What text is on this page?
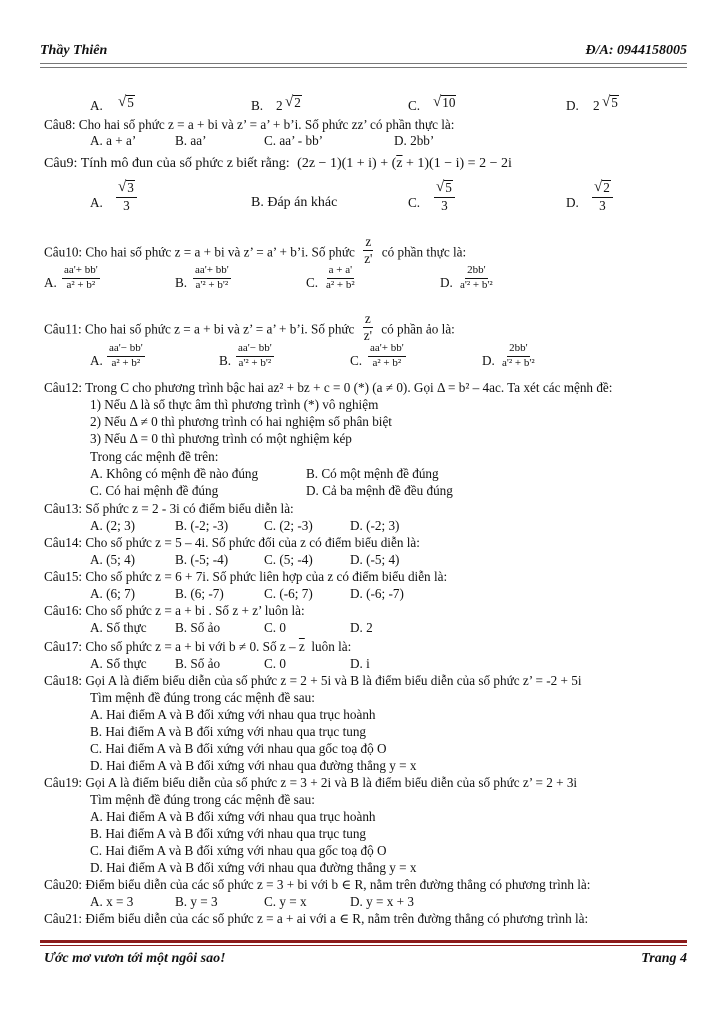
Thầy Thiên	Đ/A: 0944158005
A. √ 5	B. 2 √ 2	C. √ 10	D. 2 √ 5
Câu8: Cho hai số phức z = a + bi và z’ = a’ + b’i. Số phức zz’ có phần thực là:
A. a + a’	B. aa’	C. aa’ - bb’	D. 2bb’
Câu9: Tính mô đun của số phức z biết rằng: $(2z - 1)(1 + i) + (\overline{z} + 1)(1 - i) = 2 - 2i$
A. $\frac{√ 3}{3}$	B. Đáp án khác	C. $\frac{√ 5}{3}$	D. $\frac{√ 2}{3}$
Câu10: Cho hai số phức z = a + bi và z’ = a’ + b’i. Số phức $\frac{z}{z'}$ có phần thực là:
A. $\frac{aa'+ bb'}{\text{a² + b²}}$	B. $\frac{aa'+ bb'}{\text{a'² + b'²}}$	C. $\frac{a + a'}{\text{a² + b²}}$	D. $\frac{2bb'}{\text{a'² + b'²}}$
Câu11: Cho hai số phức z = a + bi và z’ = a’ + b’i. Số phức $\frac{z}{z'}$ có phần ảo là:
A. $\frac{aa'- bb'}{\text{a² + b²}}$	B. $\frac{aa'- bb'}{\text{a'² + b'²}}$	C. $\frac{aa'+ bb'}{\text{a² + b²}}$	D. $\frac{2bb'}{\text{a'² + b'²}}$
Câu12: Trong C cho phương trình bậc hai az² + bz + c = 0 (*) (a ≠ 0). Gọi Δ = b² – 4ac. Ta xét các mệnh đề:
1) Nếu Δ là số thực âm thì phương trình (*) vô nghiệm
2) Nếu Δ ≠ 0 thì phương trình có hai nghiệm số phân biệt
3) Nếu Δ = 0 thì phương trình có một nghiệm kép
Trong các mệnh đề trên:
A. Không có mệnh đề nào đúng	B. Có một mệnh đề đúng
C. Có hai mệnh đề đúng	D. Cả ba mệnh đề đều đúng
Câu13: Số phức z = 2 - 3i có điểm biểu diễn là:
A. (2; 3)	B. (-2; -3)	C. (2; -3)	D. (-2; 3)
Câu14: Cho số phức z = 5 – 4i. Số phức đối của z có điểm biểu diễn là:
A. (5; 4)	B. (-5; -4)	C. (5; -4)	D. (-5; 4)
Câu15: Cho số phức z = 6 + 7i. Số phức liên hợp của z có điểm biểu diễn là:
A. (6; 7)	B. (6; -7)	C. (-6; 7)	D. (-6; -7)
Câu16: Cho số phức z = a + bi . Số z + z’ luôn là:
A. Số thực B. Số ảo	C. 0	D. 2
Câu17: Cho số phức z = a + bi với b ≠ 0. Số z – $\overline{z}$ luôn là:
A. Số thực B. Số ảo	C. 0	D. i
Câu18: Gọi A là điểm biểu diễn của số phức z = 2 + 5i và B là điểm biểu diễn của số phức z’ = -2 + 5i
Tìm mệnh đề đúng trong các mệnh đề sau:
A. Hai điểm A và B đối xứng với nhau qua trục hoành
B. Hai điểm A và B đối xứng với nhau qua trục tung
C. Hai điểm A và B đối xứng với nhau qua gốc toạ độ O
D. Hai điểm A và B đối xứng với nhau qua đường thẳng y = x
Câu19: Gọi A là điểm biểu diễn của số phức z = 3 + 2i và B là điểm biểu diễn của số phức z’ = 2 + 3i
Tìm mệnh đề đúng trong các mệnh đề sau:
A. Hai điểm A và B đối xứng với nhau qua trục hoành
B. Hai điểm A và B đối xứng với nhau qua trục tung
C. Hai điểm A và B đối xứng với nhau qua gốc toạ độ O
D. Hai điểm A và B đối xứng với nhau qua đường thẳng y = x
Câu20: Điểm biểu diễn của các số phức z = 3 + bi với b ∈ R, nằm trên đường thẳng có phương trình là:
A. x = 3	B. y = 3	C. y = x	D. y = x + 3
Câu21: Điểm biểu diễn của các số phức z = a + ai với a ∈ R, nằm trên đường thẳng có phương trình là:
Ước mơ vươn tới một ngôi sao!	Trang 4
